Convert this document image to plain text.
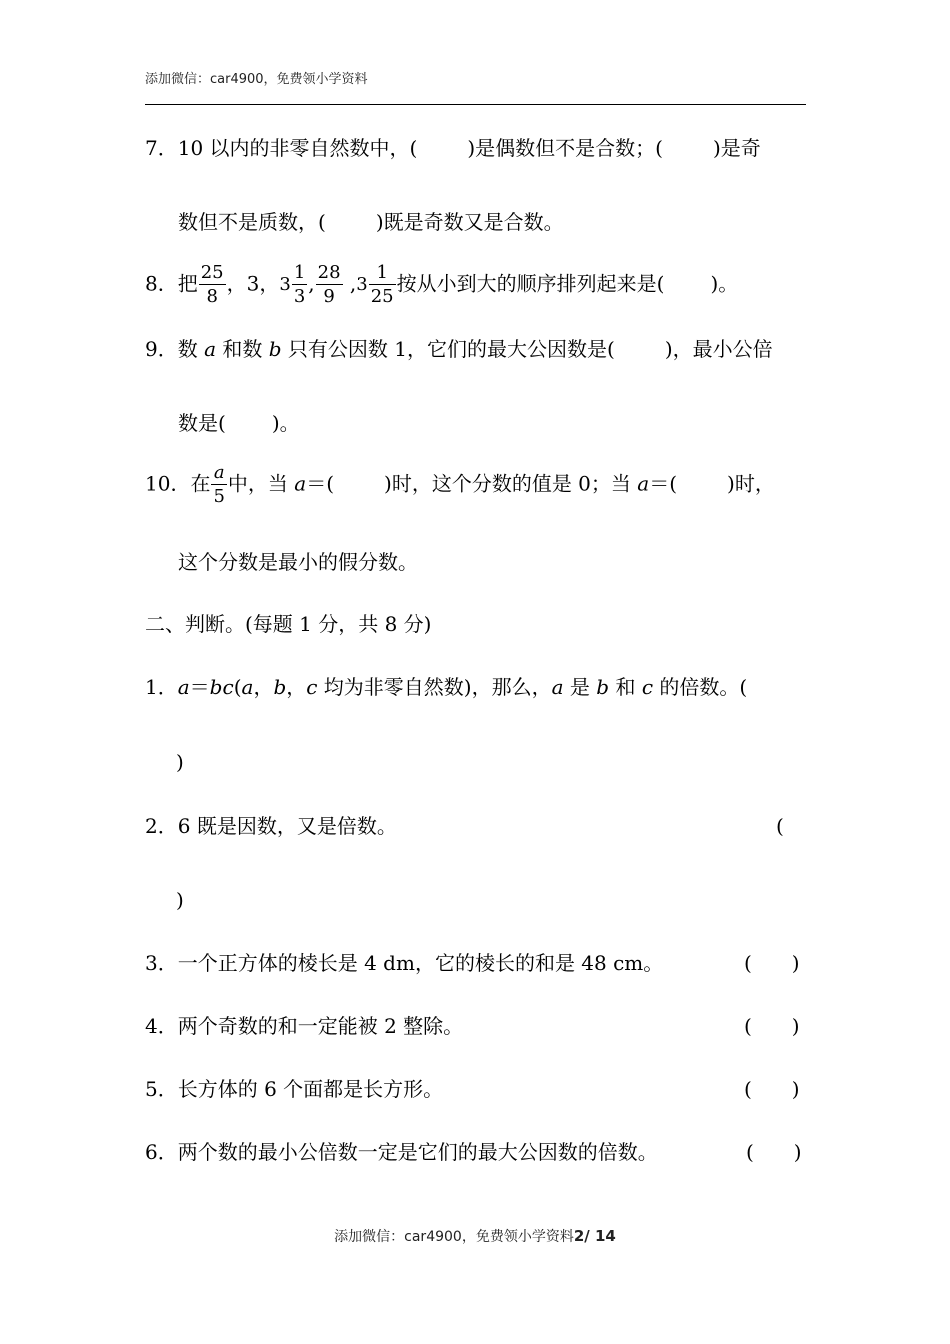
添加微信：car4900，免费领小学资料
7．10 以内的非零自然数中，(	)是偶数但不是合数；(	)是奇
数但不是质数，(	)既是奇数又是合数。
8．把 $\frac{25}{8}$ ，3，$3 \frac{1}{3}$ , $\frac{28}{9} ,3 \frac{1}{25}$ 按从小到大的顺序排列起来是( )。
9．数 a 和数 b 只有公因数 1，它们的最大公因数是(	)，最小公倍
数是( )。
10．在 $\frac{a}{5}$ 中，当 a＝(	)时，这个分数的值是 0；当 a＝(	)时，
这个分数是最小的假分数。
二、判断。(每题 1 分，共 8 分)
1．a＝bc(a，b，c 均为非零自然数)，那么，a 是 b 和 c 的倍数。(
)
2．6 既是因数，又是倍数。	(
)
3．一个正方体的棱长是 4 dm，它的棱长的和是 48 cm。	(　　)
4．两个奇数的和一定能被 2 整除。	(　　)
5．长方体的 6 个面都是长方形。	(　　)
6．两个数的最小公倍数一定是它们的最大公因数的倍数。	(　　)
添加微信：car4900，免费领小学资料2/ 14
